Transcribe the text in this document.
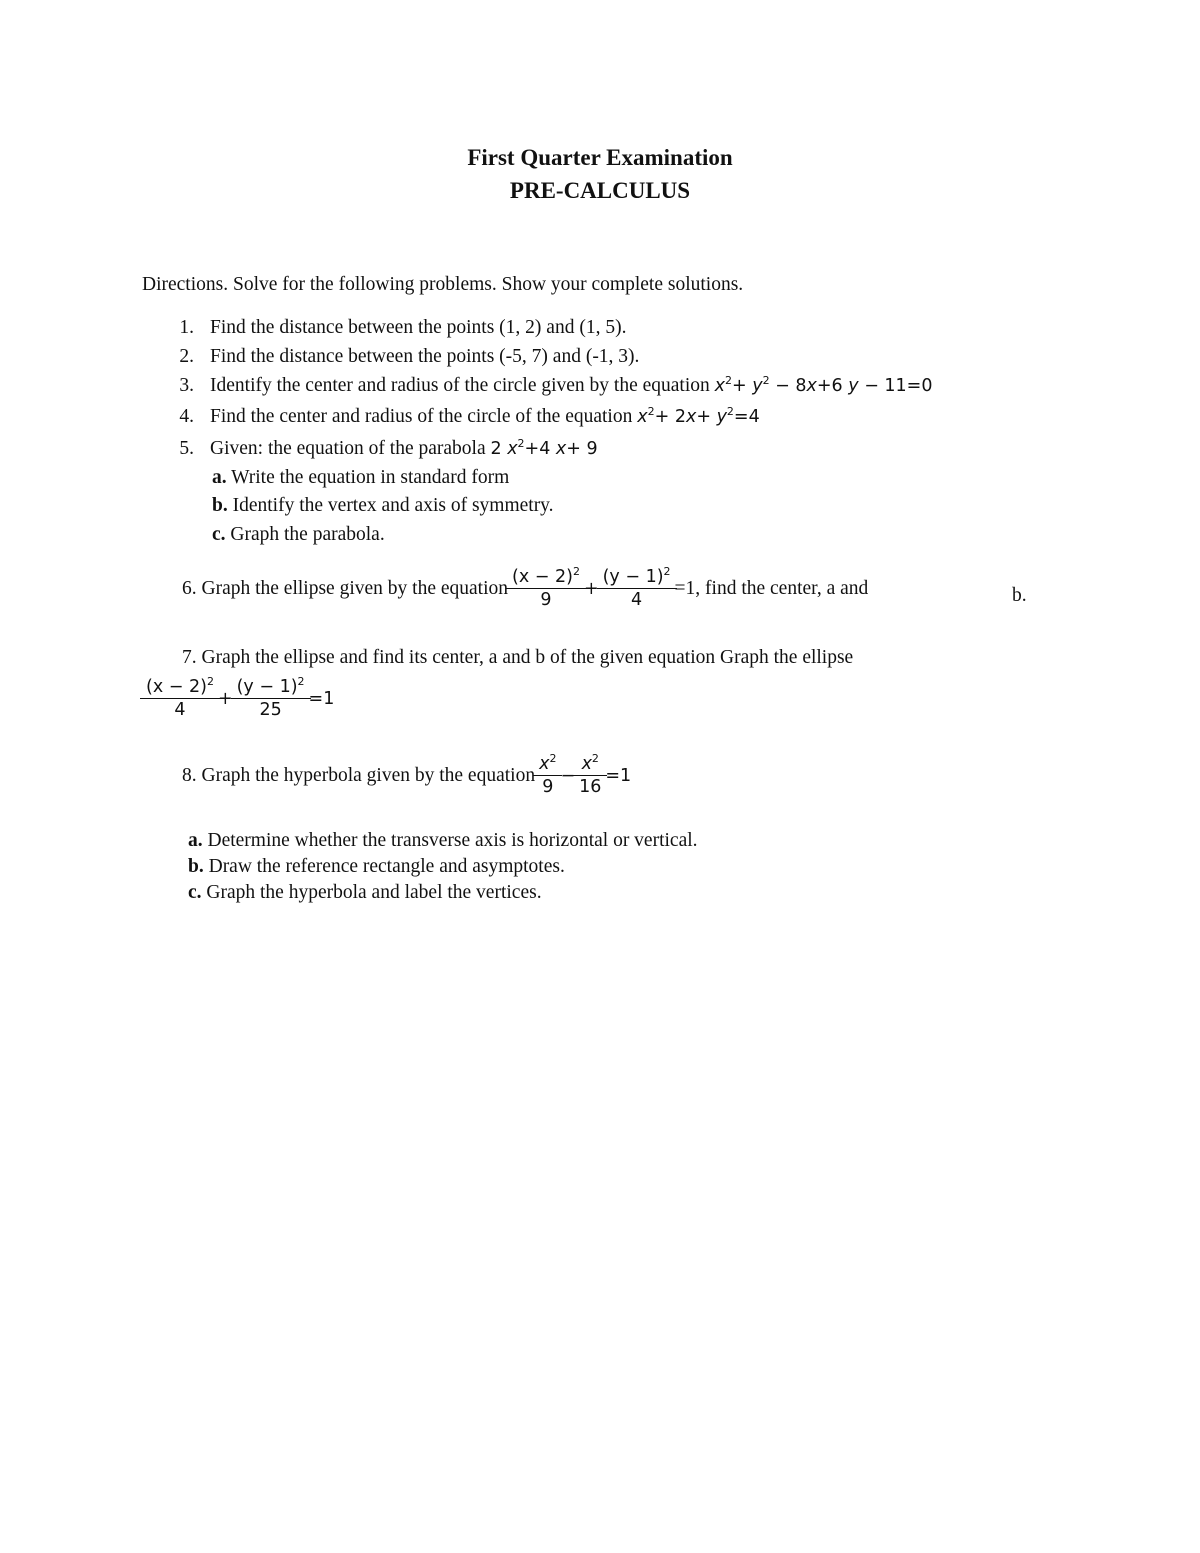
First Quarter Examination
PRE-CALCULUS
Directions. Solve for the following problems. Show your complete solutions.
1. Find the distance between the points (1, 2) and (1, 5).
2. Find the distance between the points (-5, 7) and (-1, 3).
3. Identify the center and radius of the circle given by the equation $x^2+ y^2 - 8x+6$ y − 11=0
4. Find the center and radius of the circle of the equation $x^2+ 2x+ y^2=4$
5. Given: the equation of the parabola 2 $x^2+4$ x+ 9
a. Write the equation in standard form
b. Identify the vertex and axis of symmetry.
c. Graph the parabola.
6. Graph the ellipse given by the equation $\frac{(x - 2)^2}{9} + \frac{(y - 1)^2}{4} =1$, find the center, a and	b.
7. Graph the ellipse and find its center, a and b of the given equation Graph the ellipse
$\frac{(x - 2)^2}{4} + \frac{(y - 1)^2}{25} =1$
8. Graph the hyperbola given by the equation $\frac{x^2}{9} - \frac{x^2}{16} =1$
a. Determine whether the transverse axis is horizontal or vertical.
b. Draw the reference rectangle and asymptotes.
c. Graph the hyperbola and label the vertices.
